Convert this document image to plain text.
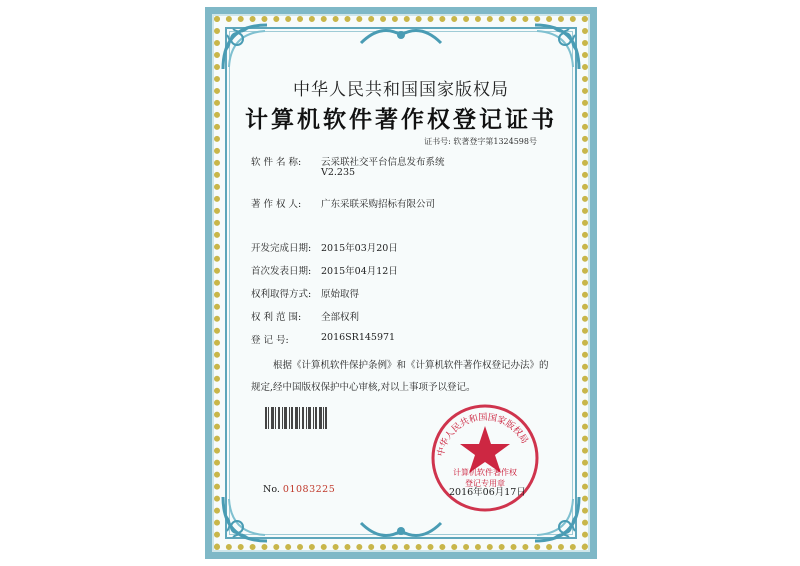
中华人民共和国国家版权局
计算机软件著作权登记证书
证书号: 软著登字第1324598号
软 件 名 称:	云采联社交平台信息发布系统
V2.235
著 作 权 人:	广东采联采购招标有限公司
开发完成日期:	2015年03月20日
首次发表日期:	2015年04月12日
权利取得方式:	原始取得
权 利 范 围:	全部权利
登 记 号:	2016SR145971
根据《计算机软件保护条例》和《计算机软件著作权登记办法》的
规定,经中国版权保护中心审核,对以上事项予以登记。
No. 01083225
中华人民共和国国家版权局
计算机软件著作权
登记专用章
2016年06月17日
